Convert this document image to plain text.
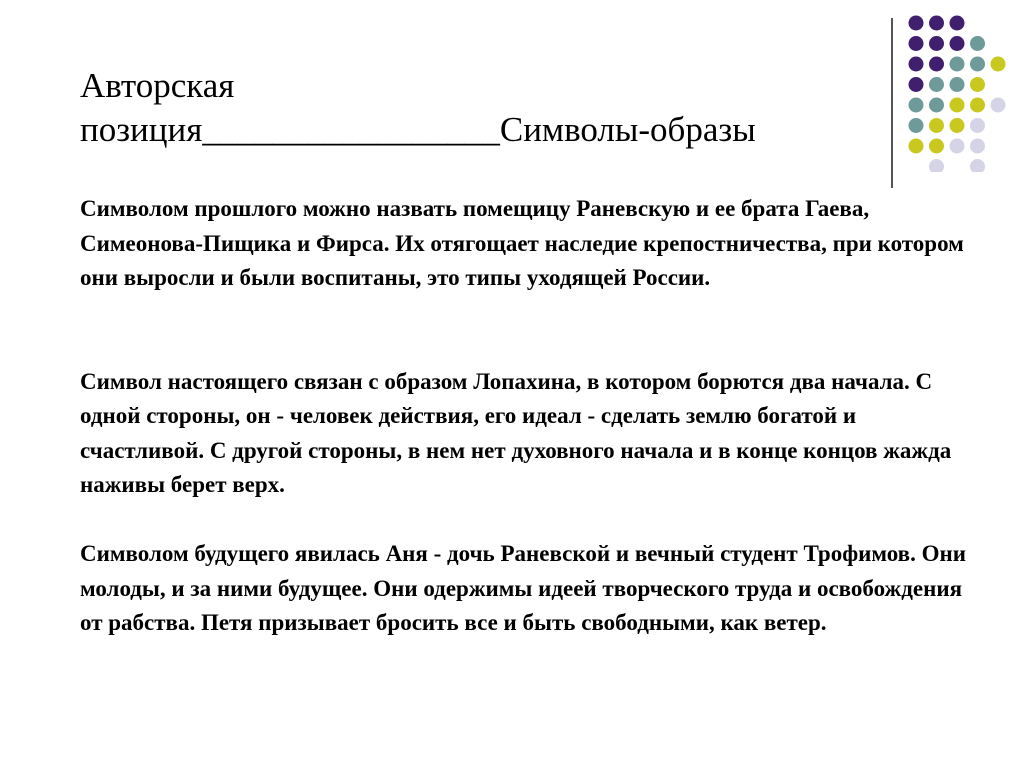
Авторская
позиция_________________Символы-образы

Символом прошлого можно назвать помещицу Раневскую и ее брата Гаева, Симеонова-Пищика и Фирса. Их отягощает наследие крепостничества, при котором они выросли и были воспитаны, это типы уходящей России.

Символ настоящего связан с образом Лопахина, в котором борются два начала. С одной стороны, он - человек действия, его идеал - сделать землю богатой и счастливой. С другой стороны, в нем нет духовного начала и в конце концов жажда наживы берет верх.

Символом будущего явилась Аня - дочь Раневской и вечный студент Трофимов. Они молоды, и за ними будущее. Они одержимы идеей творческого труда и освобождения от рабства. Петя призывает бросить все и быть свободными, как ветер.
